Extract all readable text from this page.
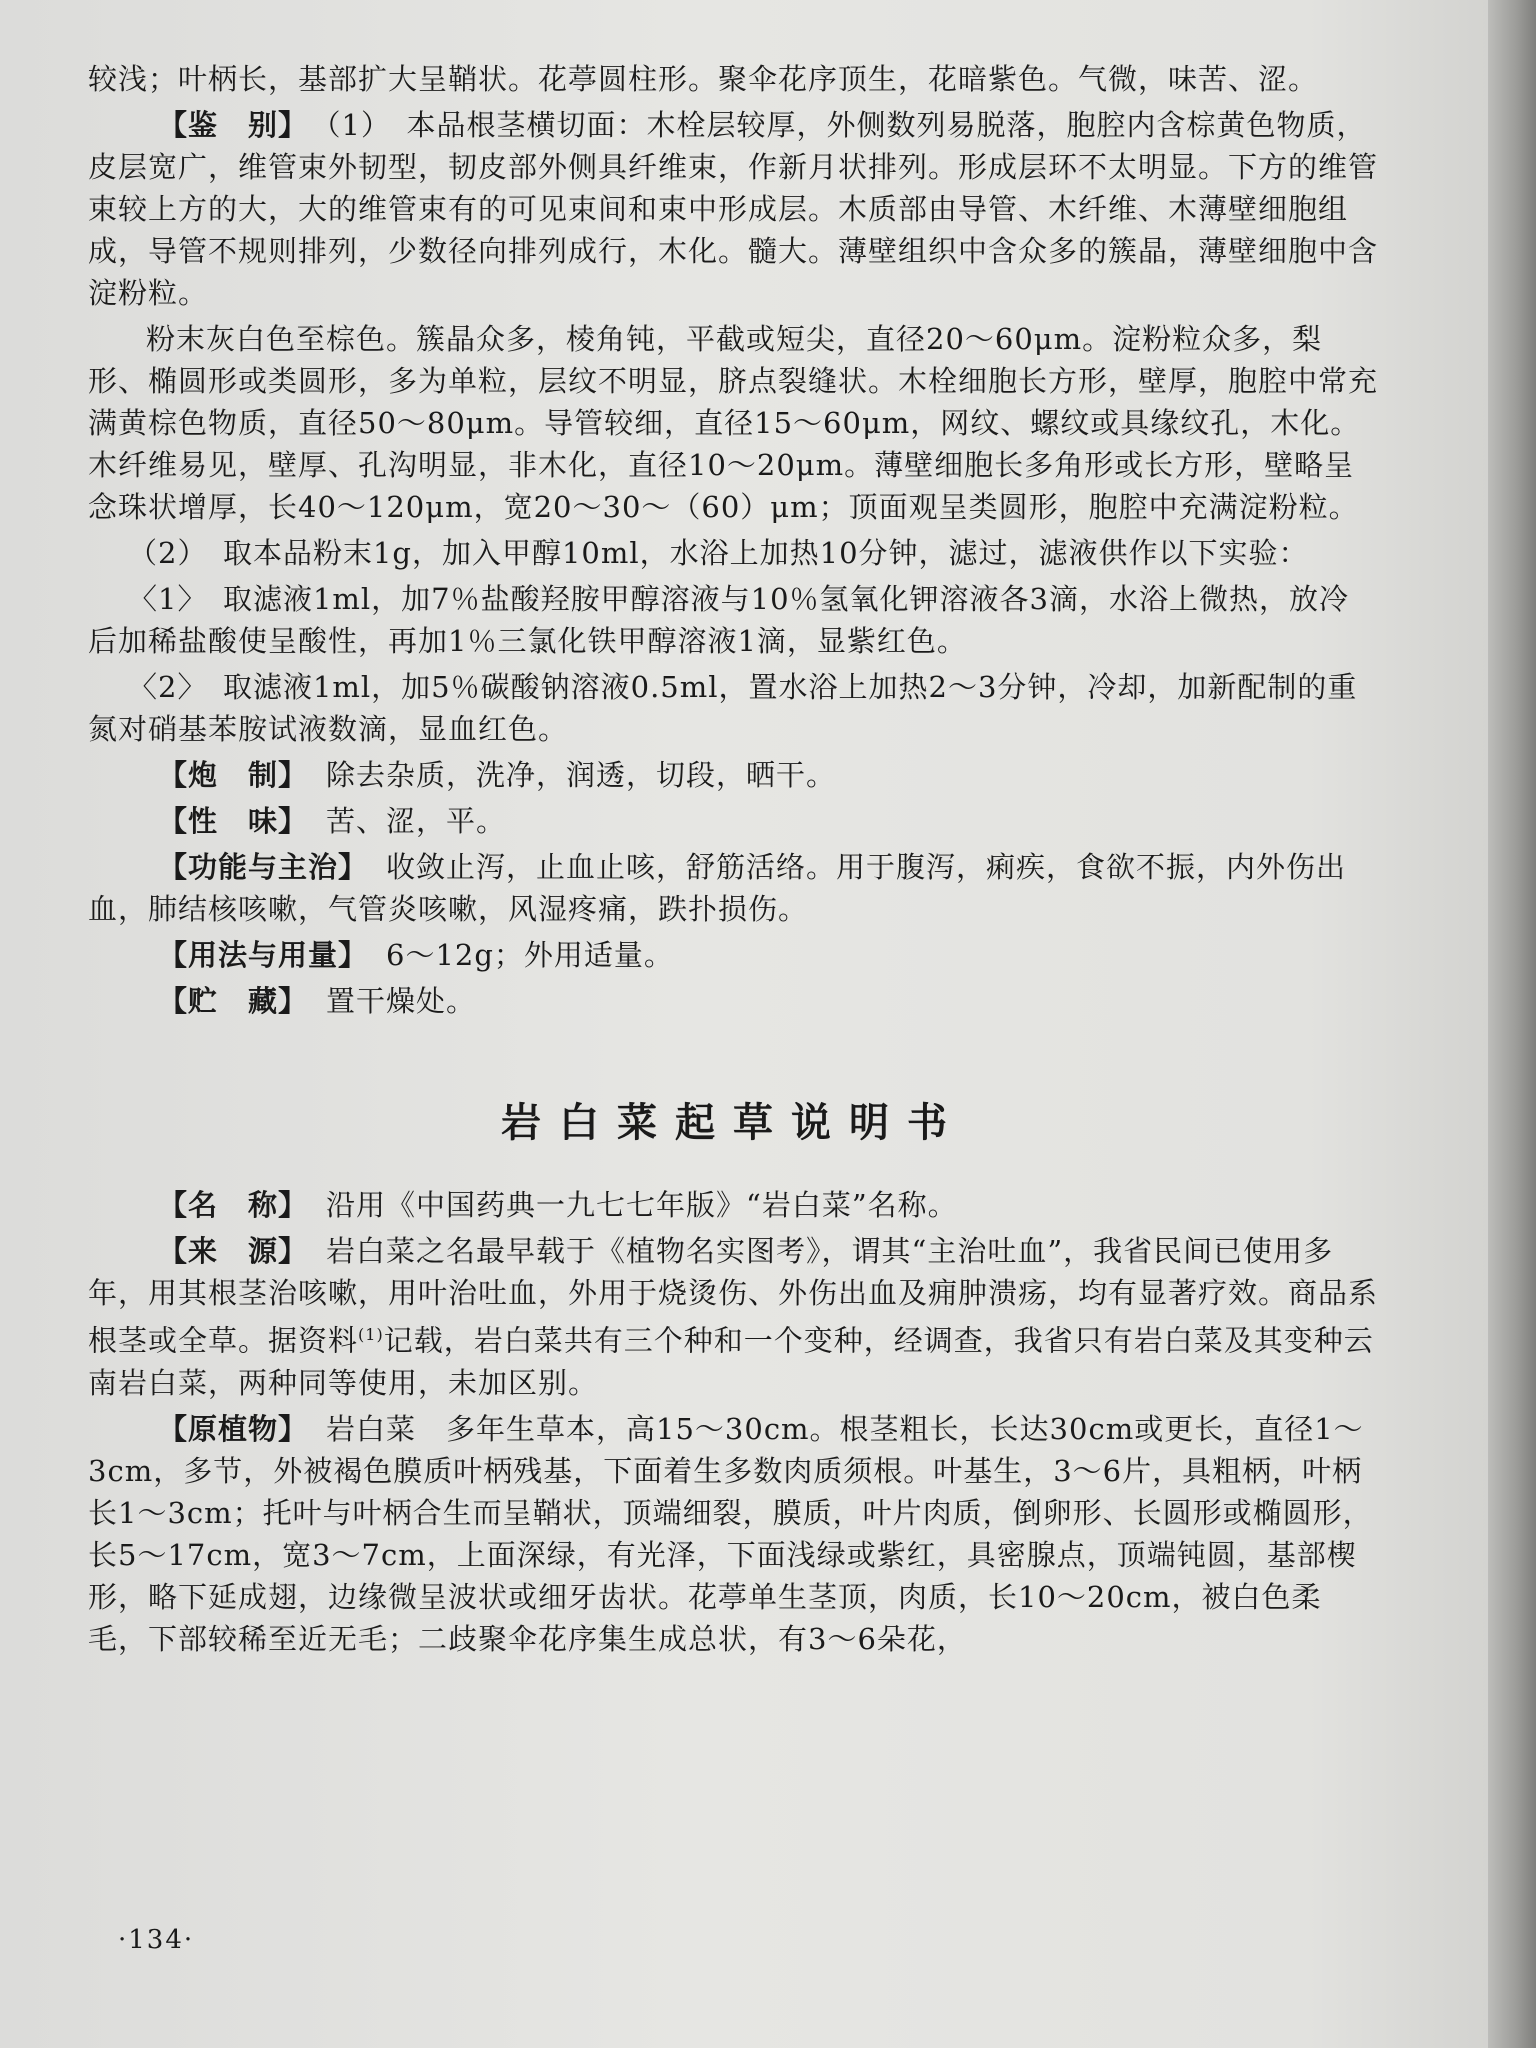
较浅；叶柄长，基部扩大呈鞘状。花葶圆柱形。聚伞花序顶生，花暗紫色。气微，味苦、涩。

【鉴　别】 （1）　本品根茎横切面：木栓层较厚，外侧数列易脱落，胞腔内含棕黄色物质，皮层宽广，维管束外韧型，韧皮部外侧具纤维束，作新月状排列。形成层环不太明显。下方的维管束较上方的大，大的维管束有的可见束间和束中形成层。木质部由导管、木纤维、木薄壁细胞组成，导管不规则排列，少数径向排列成行，木化。髓大。薄壁组织中含众多的簇晶，薄壁细胞中含淀粉粒。

粉末灰白色至棕色。簇晶众多，棱角钝，平截或短尖，直径20～60μm。淀粉粒众多，梨形、椭圆形或类圆形，多为单粒，层纹不明显，脐点裂缝状。木栓细胞长方形，壁厚，胞腔中常充满黄棕色物质，直径50～80μm。导管较细，直径15～60μm，网纹、螺纹或具缘纹孔，木化。木纤维易见，壁厚、孔沟明显，非木化，直径10～20μm。薄壁细胞长多角形或长方形，壁略呈念珠状增厚，长40～120μm，宽20～30～（60）μm；顶面观呈类圆形，胞腔中充满淀粉粒。

（2）　取本品粉末1g，加入甲醇10ml，水浴上加热10分钟，滤过，滤液供作以下实验：

〈1〉　取滤液1ml，加7％盐酸羟胺甲醇溶液与10％氢氧化钾溶液各3滴，水浴上微热，放冷后加稀盐酸使呈酸性，再加1％三氯化铁甲醇溶液1滴，显紫红色。

〈2〉　取滤液1ml，加5％碳酸钠溶液0.5ml，置水浴上加热2～3分钟，冷却，加新配制的重氮对硝基苯胺试液数滴，显血红色。

【炮　制】 除去杂质，洗净，润透，切段，晒干。

【性　味】 苦、涩，平。

【功能与主治】 收敛止泻，止血止咳，舒筋活络。用于腹泻，痢疾，食欲不振，内外伤出血，肺结核咳嗽，气管炎咳嗽，风湿疼痛，跌扑损伤。

【用法与用量】 6～12g；外用适量。

【贮　藏】 置干燥处。

岩白菜起草说明书

【名　称】 沿用《中国药典一九七七年版》“岩白菜”名称。

【来　源】 岩白菜之名最早载于《植物名实图考》，谓其“主治吐血”，我省民间已使用多年，用其根茎治咳嗽，用叶治吐血，外用于烧烫伤、外伤出血及痈肿溃疡，均有显著疗效。商品系根茎或全草。据资料$^{(1)}$记载，岩白菜共有三个种和一个变种，经调查，我省只有岩白菜及其变种云南岩白菜，两种同等使用，未加区别。

【原植物】 岩白菜　多年生草本，高15～30cm。根茎粗长，长达30cm或更长，直径1～3cm，多节，外被褐色膜质叶柄残基，下面着生多数肉质须根。叶基生，3～6片，具粗柄，叶柄长1～3cm；托叶与叶柄合生而呈鞘状，顶端细裂，膜质，叶片肉质，倒卵形、长圆形或椭圆形，长5～17cm，宽3～7cm，上面深绿，有光泽，下面浅绿或紫红，具密腺点，顶端钝圆，基部楔形，略下延成翅，边缘微呈波状或细牙齿状。花葶单生茎顶，肉质，长10～20cm，被白色柔毛，下部较稀至近无毛；二歧聚伞花序集生成总状，有3～6朵花，

·134·
